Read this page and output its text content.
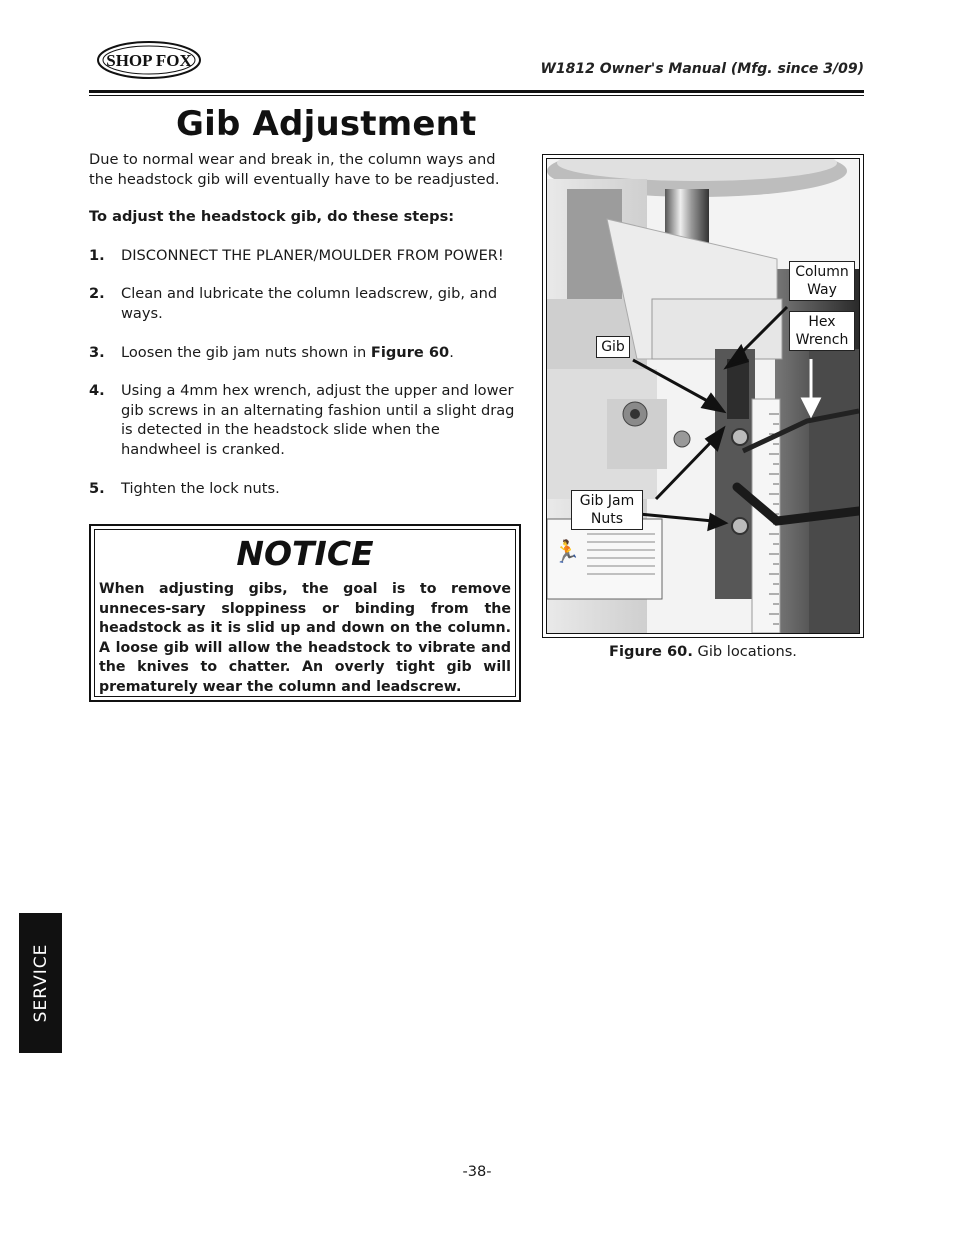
SHOP FOX	W1812 Owner's Manual (Mfg. since 3/09)
Gib Adjustment

Due to normal wear and break in, the column ways and the headstock gib will eventually have to be readjusted.

To adjust the headstock gib, do these steps:

1.	DISCONNECT THE PLANER/MOULDER FROM POWER!
2.	Clean and lubricate the column leadscrew, gib, and ways.
3.	Loosen the gib jam nuts shown in Figure 60.
4.	Using a 4mm hex wrench, adjust the upper and lower gib screws in an alternating fashion until a slight drag is detected in the headstock slide when the handwheel is cranked.
5.	Tighten the lock nuts.
NOTICE
When adjusting gibs, the goal is to remove unneces-sary sloppiness or binding from the headstock as it is slid up and down on the column. A loose gib will allow the headstock to vibrate and the knives to chatter. An overly tight gib will prematurely wear the column and leadscrew.
🏃
Column Way
Hex Wrench
Gib
Gib Jam Nuts
Figure 60. Gib locations.
SERVICE
-38-
